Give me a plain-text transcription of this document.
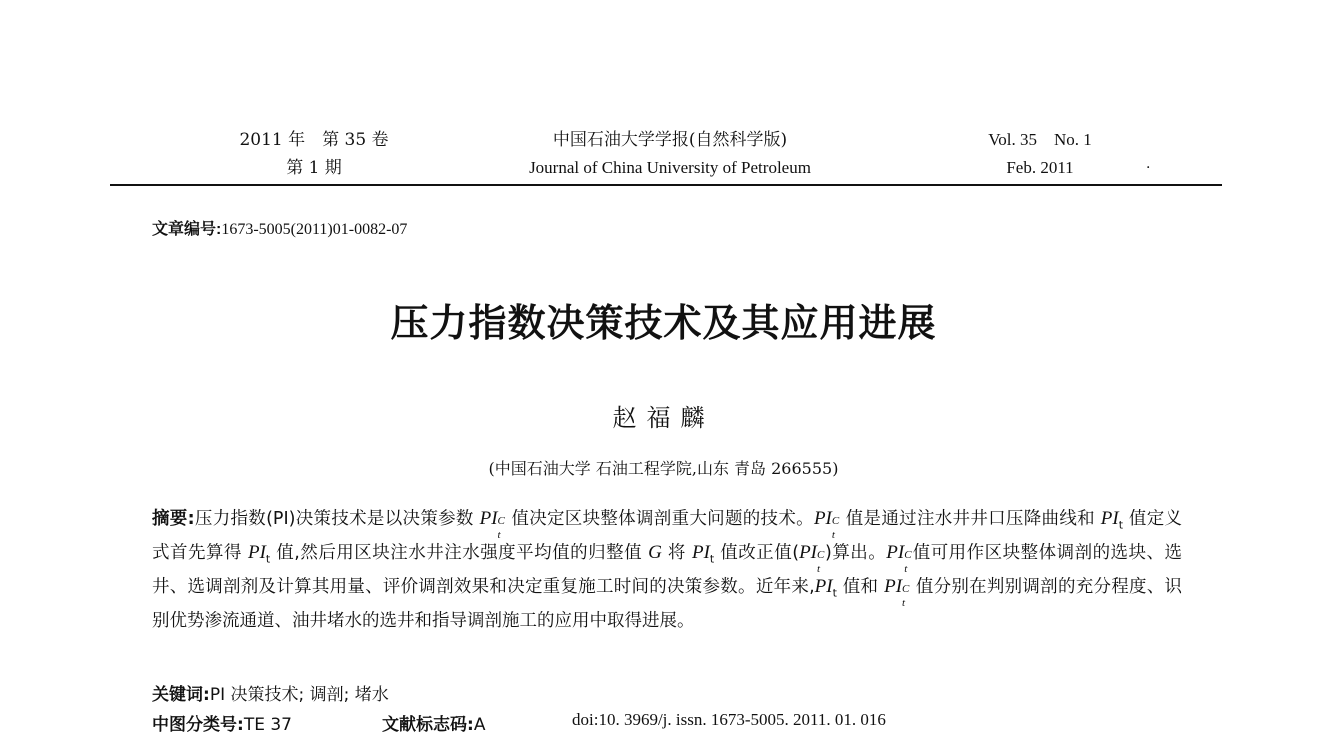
2011 年　第 35 卷
第 1 期
中国石油大学学报(自然科学版)
Journal of China University of Petroleum
Vol. 35　No. 1
Feb. 2011	·
文章编号:1673-5005(2011)01-0082-07
压力指数决策技术及其应用进展
赵福麟
(中国石油大学 石油工程学院,山东 青岛 266555)
摘要:压力指数(PI)决策技术是以决策参数 PI C
t
值决定区块整体调剖重大问题的技术。PI C
t
值是通过注水井井口压降曲线和 $PI_t$ 值定义式首先算得 $PI_t$ 值,然后用区块注水井注水强度平均值的归整值 G 将 $PI_t$ 值改正值(PI C
t
)算出。PI C
t
值可用作区块整体调剖的选块、选井、选调剖剂及计算其用量、评价调剖效果和决定重复施工时间的决策参数。近年来$,PI_t$ 值和 PI C
t
值分别在判别调剖的充分程度、识别优势渗流通道、油井堵水的选井和指导调剖施工的应用中取得进展。
关键词:PI 决策技术; 调剖; 堵水
中图分类号:TE 37	文献标志码:A	doi:10. 3969/j. issn. 1673-5005. 2011. 01. 016
